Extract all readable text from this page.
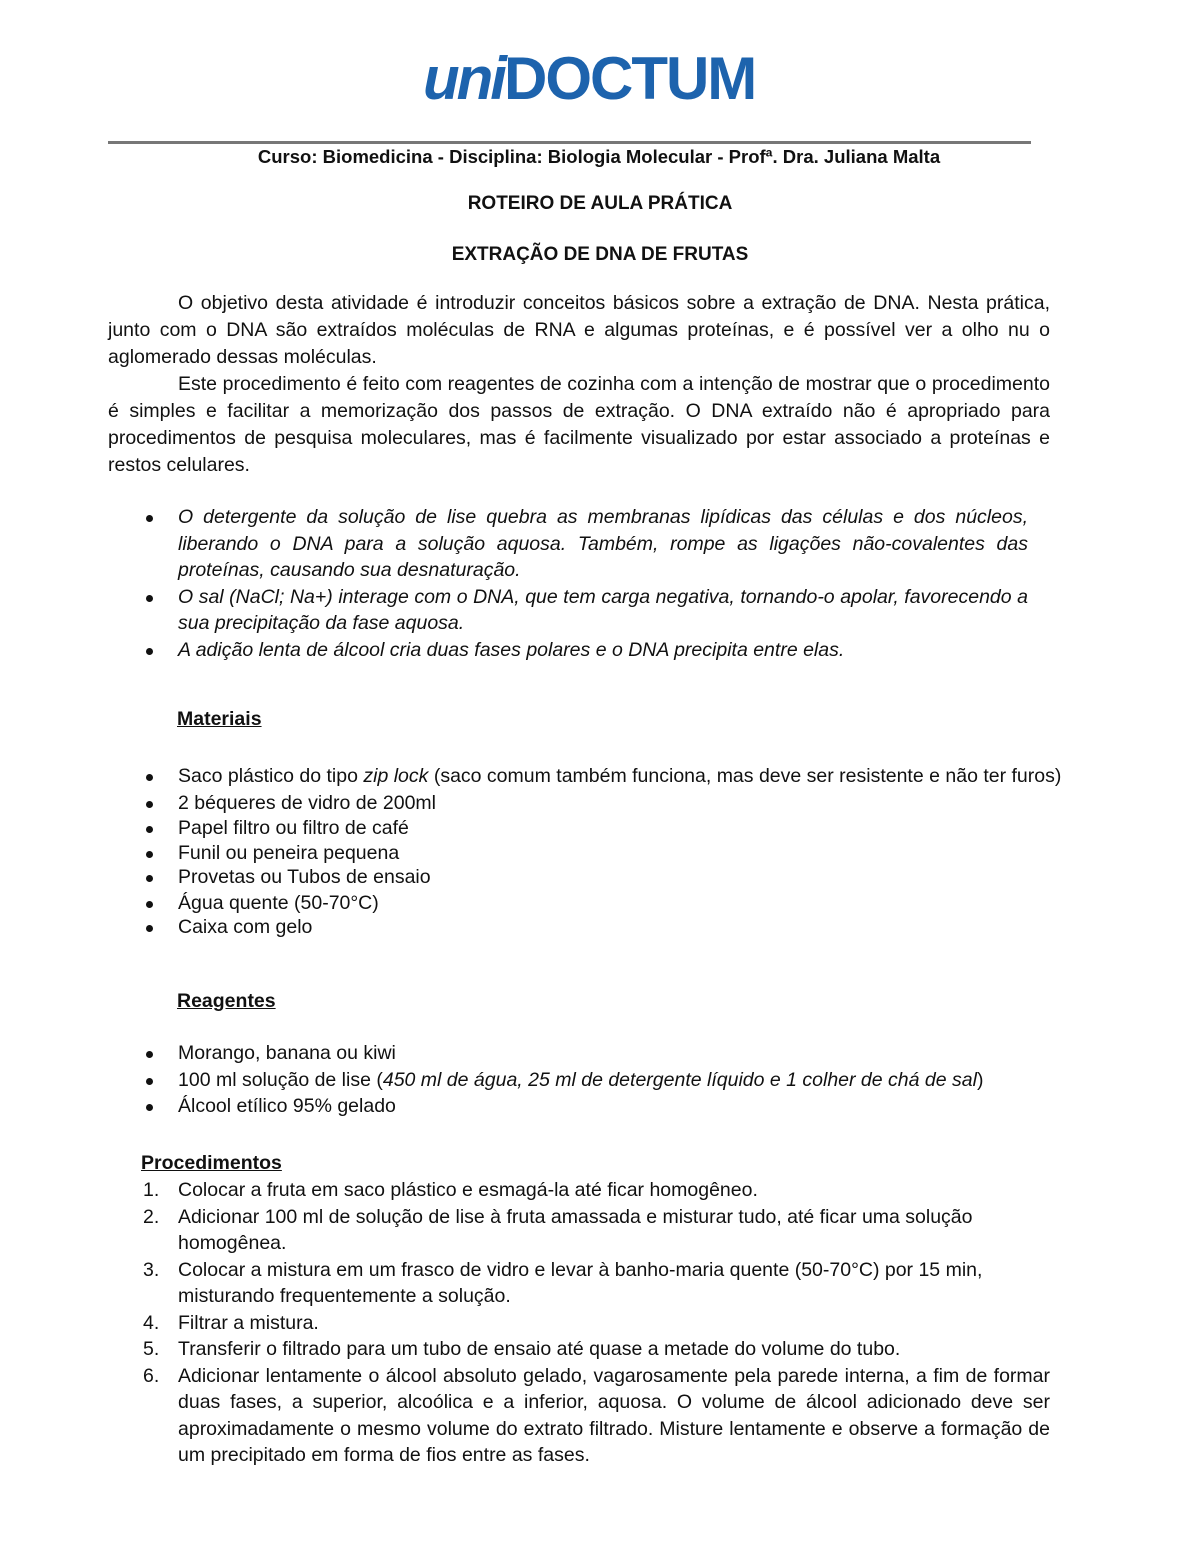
uniDOCTUM
Curso: Biomedicina - Disciplina: Biologia Molecular - Profª. Dra. Juliana Malta
ROTEIRO DE AULA PRÁTICA
EXTRAÇÃO DE DNA DE FRUTAS

O objetivo desta atividade é introduzir conceitos básicos sobre a extração de DNA. Nesta prática, junto com o DNA são extraídos moléculas de RNA e algumas proteínas, e é possível ver a olho nu o aglomerado dessas moléculas.

Este procedimento é feito com reagentes de cozinha com a intenção de mostrar que o procedimento é simples e facilitar a memorização dos passos de extração. O DNA extraído não é apropriado para procedimentos de pesquisa moleculares, mas é facilmente visualizado por estar associado a proteínas e restos celulares.

O detergente da solução de lise quebra as membranas lipídicas das células e dos núcleos, liberando o DNA para a solução aquosa. Também, rompe as ligações não-covalentes das proteínas, causando sua desnaturação.
O sal (NaCl; Na+) interage com o DNA, que tem carga negativa, tornando-o apolar, favorecendo a sua precipitação da fase aquosa.
A adição lenta de álcool cria duas fases polares e o DNA precipita entre elas.
Materiais
Saco plástico do tipo zip lock (saco comum também funciona, mas deve ser resistente e não ter furos)
2 béqueres de vidro de 200ml
Papel filtro ou filtro de café
Funil ou peneira pequena
Provetas ou Tubos de ensaio
Água quente (50-70°C)
Caixa com gelo
Reagentes
Morango, banana ou kiwi
100 ml solução de lise (450 ml de água, 25 ml de detergente líquido e 1 colher de chá de sal)
Álcool etílico 95% gelado
Procedimentos
1. Colocar a fruta em saco plástico e esmagá-la até ficar homogêneo.
2. Adicionar 100 ml de solução de lise à fruta amassada e misturar tudo, até ficar uma solução homogênea.
3. Colocar a mistura em um frasco de vidro e levar à banho-maria quente (50-70°C) por 15 min, misturando frequentemente a solução.
4. Filtrar a mistura.
5. Transferir o filtrado para um tubo de ensaio até quase a metade do volume do tubo.
6. Adicionar lentamente o álcool absoluto gelado, vagarosamente pela parede interna, a fim de formar duas fases, a superior, alcoólica e a inferior, aquosa. O volume de álcool adicionado deve ser aproximadamente o mesmo volume do extrato filtrado. Misture lentamente e observe a formação de um precipitado em forma de fios entre as fases.
